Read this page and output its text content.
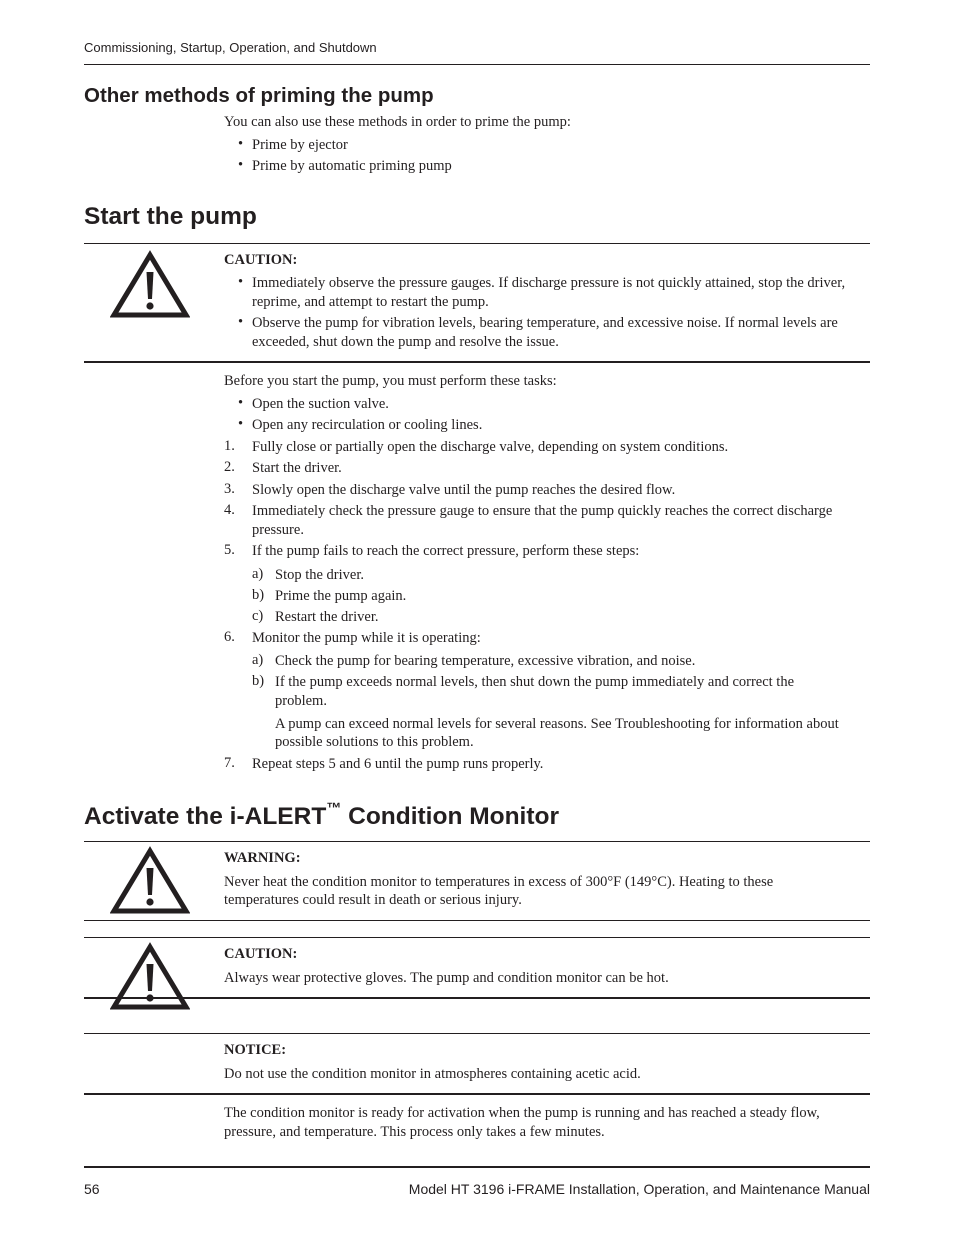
Commissioning, Startup, Operation, and Shutdown
Other methods of priming the pump
You can also use these methods in order to prime the pump:
• Prime by ejector
• Prime by automatic priming pump
Start the pump
CAUTION:
• Immediately observe the pressure gauges. If discharge pressure is not quickly attained, stop the driver,
reprime, and attempt to restart the pump.
• Observe the pump for vibration levels, bearing temperature, and excessive noise. If normal levels are
exceeded, shut down the pump and resolve the issue.
Before you start the pump, you must perform these tasks:
• Open the suction valve.
• Open any recirculation or cooling lines.
1. Fully close or partially open the discharge valve, depending on system conditions.
2. Start the driver.
3. Slowly open the discharge valve until the pump reaches the desired flow.
4. Immediately check the pressure gauge to ensure that the pump quickly reaches the correct discharge
pressure.
5. If the pump fails to reach the correct pressure, perform these steps:
a) Stop the driver.
b) Prime the pump again.
c) Restart the driver.
6. Monitor the pump while it is operating:
a) Check the pump for bearing temperature, excessive vibration, and noise.
b) If the pump exceeds normal levels, then shut down the pump immediately and correct the
problem.
A pump can exceed normal levels for several reasons. See Troubleshooting for information about
possible solutions to this problem.
7. Repeat steps 5 and 6 until the pump runs properly.
Activate the i-ALERT™ Condition Monitor
WARNING:
Never heat the condition monitor to temperatures in excess of 300°F (149°C). Heating to these
temperatures could result in death or serious injury.
CAUTION:
Always wear protective gloves. The pump and condition monitor can be hot.
NOTICE:
Do not use the condition monitor in atmospheres containing acetic acid.
The condition monitor is ready for activation when the pump is running and has reached a steady flow,
pressure, and temperature. This process only takes a few minutes.
56	Model HT 3196 i-FRAME Installation, Operation, and Maintenance Manual
